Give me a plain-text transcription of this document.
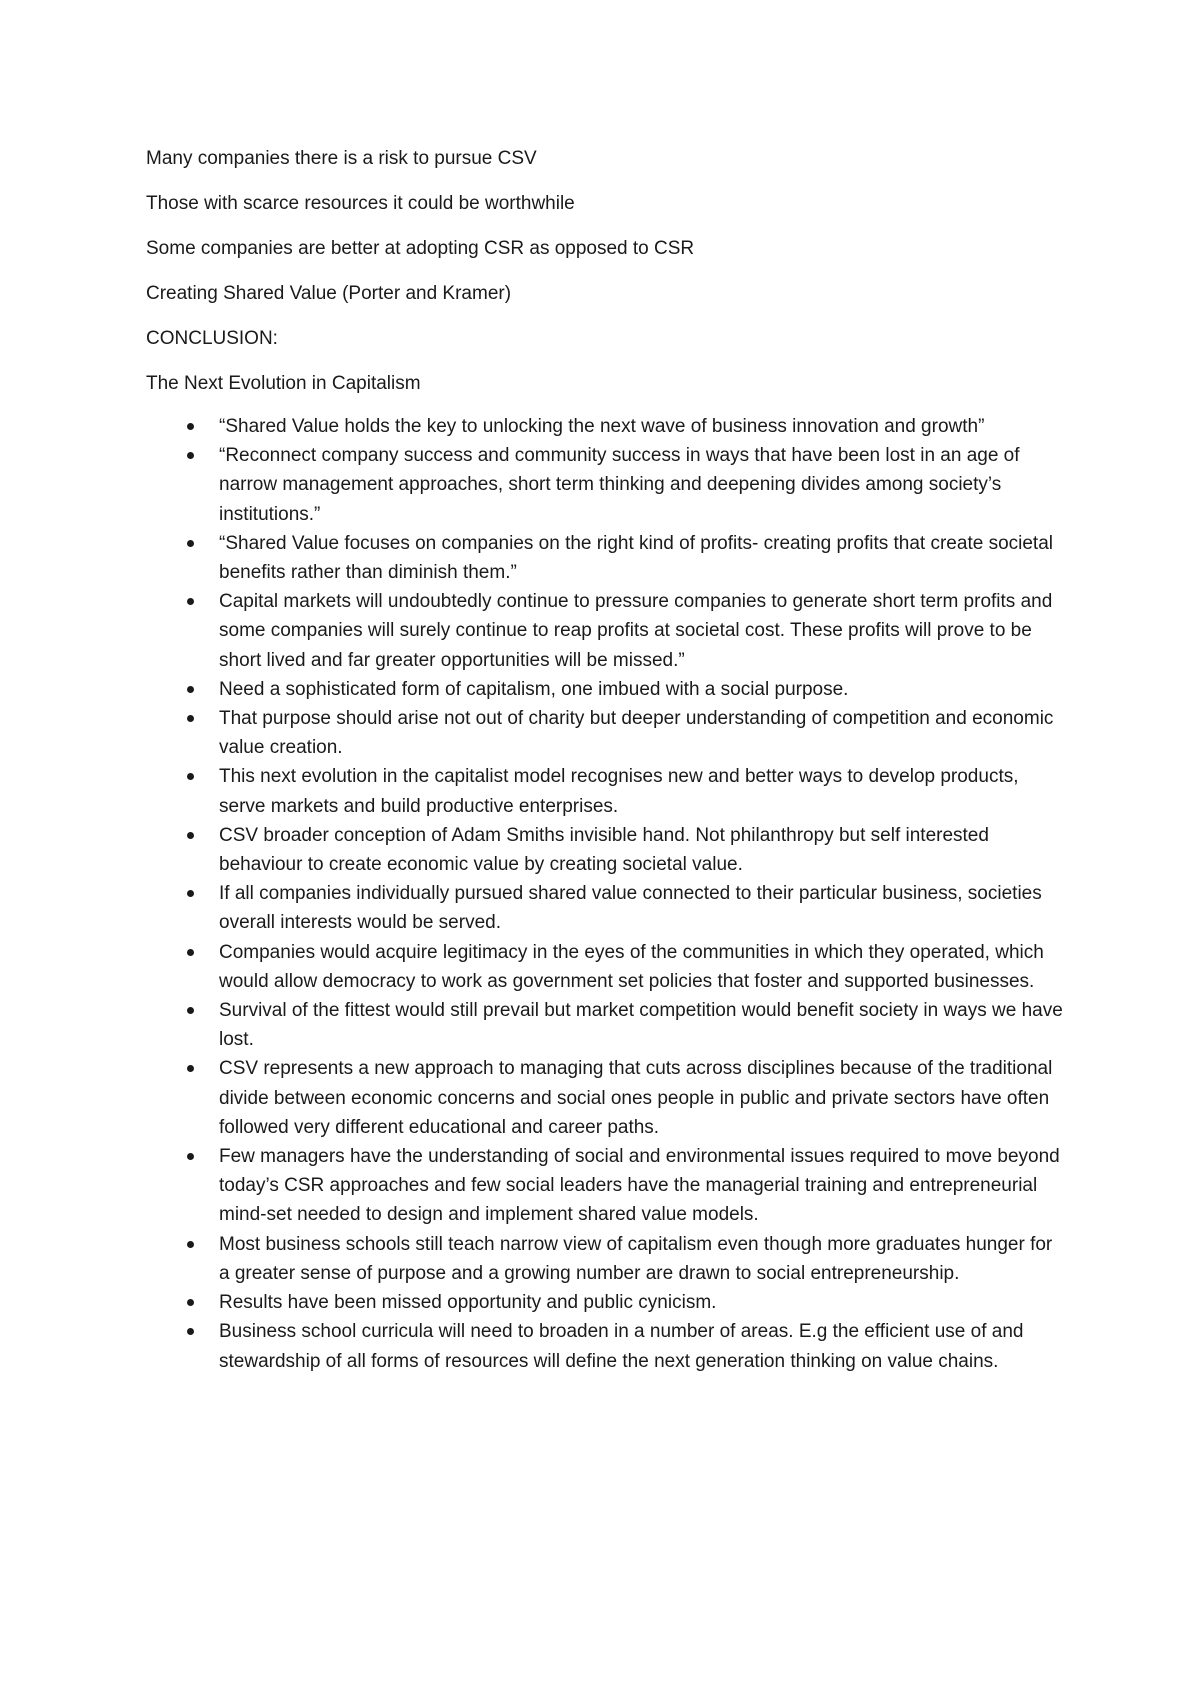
Many companies there is a risk to pursue CSV

Those with scarce resources it could be worthwhile

Some companies are better at adopting CSR as opposed to CSR

Creating Shared Value (Porter and Kramer)

CONCLUSION:

The Next Evolution in Capitalism

“Shared Value holds the key to unlocking the next wave of business innovation and growth”
“Reconnect company success and community success in ways that have been lost in an age of narrow management approaches, short term thinking and deepening divides among society’s institutions.”
“Shared Value focuses on companies on the right kind of profits- creating profits that create societal benefits rather than diminish them.”
Capital markets will undoubtedly continue to pressure companies to generate short term profits and some companies will surely continue to reap profits at societal cost. These profits will prove to be short lived and far greater opportunities will be missed.”
Need a sophisticated form of capitalism, one imbued with a social purpose.
That purpose should arise not out of charity but deeper understanding of competition and economic value creation.
This next evolution in the capitalist model recognises new and better ways to develop products, serve markets and build productive enterprises.
CSV broader conception of Adam Smiths invisible hand. Not philanthropy but self interested behaviour to create economic value by creating societal value.
If all companies individually pursued shared value connected to their particular business, societies overall interests would be served.
Companies would acquire legitimacy in the eyes of the communities in which they operated, which would allow democracy to work as government set policies that foster and supported businesses.
Survival of the fittest would still prevail but market competition would benefit society in ways we have lost.
CSV represents a new approach to managing that cuts across disciplines because of the traditional divide between economic concerns and social ones people in public and private sectors have often followed very different educational and career paths.
Few managers have the understanding of social and environmental issues required to move beyond today’s CSR approaches and few social leaders have the managerial training and entrepreneurial mind-set needed to design and implement shared value models.
Most business schools still teach narrow view of capitalism even though more graduates hunger for a greater sense of purpose and a growing number are drawn to social entrepreneurship.
Results have been missed opportunity and public cynicism.
Business school curricula will need to broaden in a number of areas. E.g the efficient use of and stewardship of all forms of resources will define the next generation thinking on value chains.
